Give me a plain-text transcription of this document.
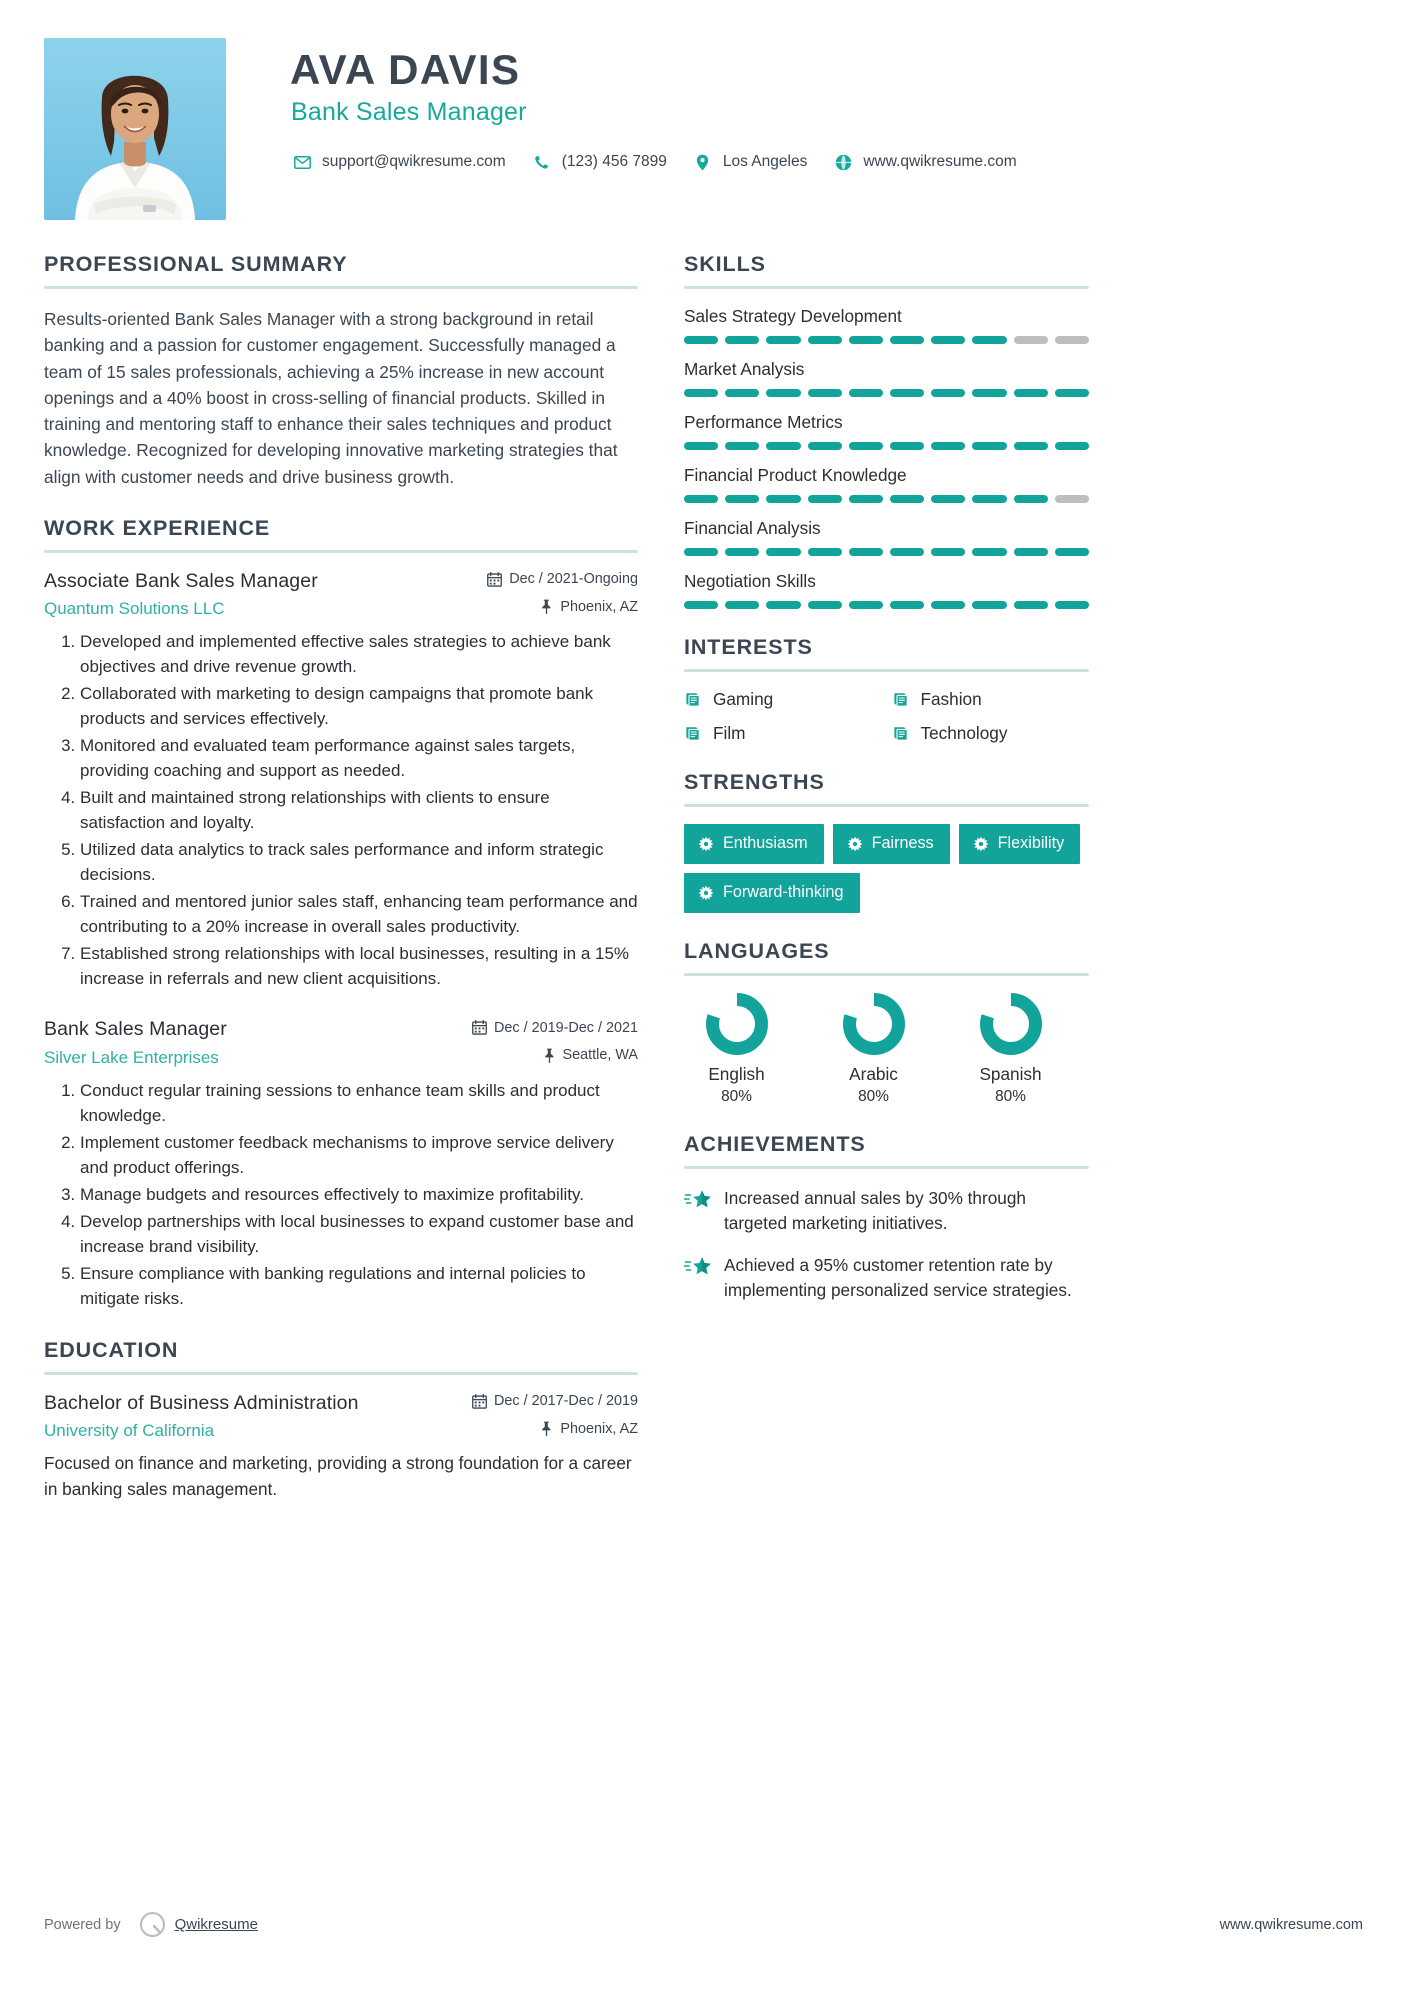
AVA DAVIS
Bank Sales Manager
support@qwikresume.com	(123) 456 7899	Los Angeles	www.qwikresume.com
PROFESSIONAL SUMMARY
Results-oriented Bank Sales Manager with a strong background in retail banking and a passion for customer engagement. Successfully managed a team of 15 sales professionals, achieving a 25% increase in new account openings and a 40% boost in cross-selling of financial products. Skilled in training and mentoring staff to enhance their sales techniques and product knowledge. Recognized for developing innovative marketing strategies that align with customer needs and drive business growth.
WORK EXPERIENCE
Associate Bank Sales Manager	Dec / 2021-Ongoing
Quantum Solutions LLC	Phoenix, AZ
1. Developed and implemented effective sales strategies to achieve bank objectives and drive revenue growth.
2. Collaborated with marketing to design campaigns that promote bank products and services effectively.
3. Monitored and evaluated team performance against sales targets, providing coaching and support as needed.
4. Built and maintained strong relationships with clients to ensure satisfaction and loyalty.
5. Utilized data analytics to track sales performance and inform strategic decisions.
6. Trained and mentored junior sales staff, enhancing team performance and contributing to a 20% increase in overall sales productivity.
7. Established strong relationships with local businesses, resulting in a 15% increase in referrals and new client acquisitions.
Bank Sales Manager	Dec / 2019-Dec / 2021
Silver Lake Enterprises	Seattle, WA
1. Conduct regular training sessions to enhance team skills and product knowledge.
2. Implement customer feedback mechanisms to improve service delivery and product offerings.
3. Manage budgets and resources effectively to maximize profitability.
4. Develop partnerships with local businesses to expand customer base and increase brand visibility.
5. Ensure compliance with banking regulations and internal policies to mitigate risks.
EDUCATION
Bachelor of Business Administration	Dec / 2017-Dec / 2019
University of California	Phoenix, AZ
Focused on finance and marketing, providing a strong foundation for a career in banking sales management.
SKILLS
Sales Strategy Development
Market Analysis
Performance Metrics
Financial Product Knowledge
Financial Analysis
Negotiation Skills
INTERESTS
Gaming	Fashion
Film	Technology
STRENGTHS
Enthusiasm	Fairness	Flexibility
Forward-thinking
LANGUAGES
English
80%
Arabic
80%
Spanish
80%
ACHIEVEMENTS
Increased annual sales by 30% through targeted marketing initiatives.
Achieved a 95% customer retention rate by implementing personalized service strategies.
Powered by	Qwikresume	www.qwikresume.com
